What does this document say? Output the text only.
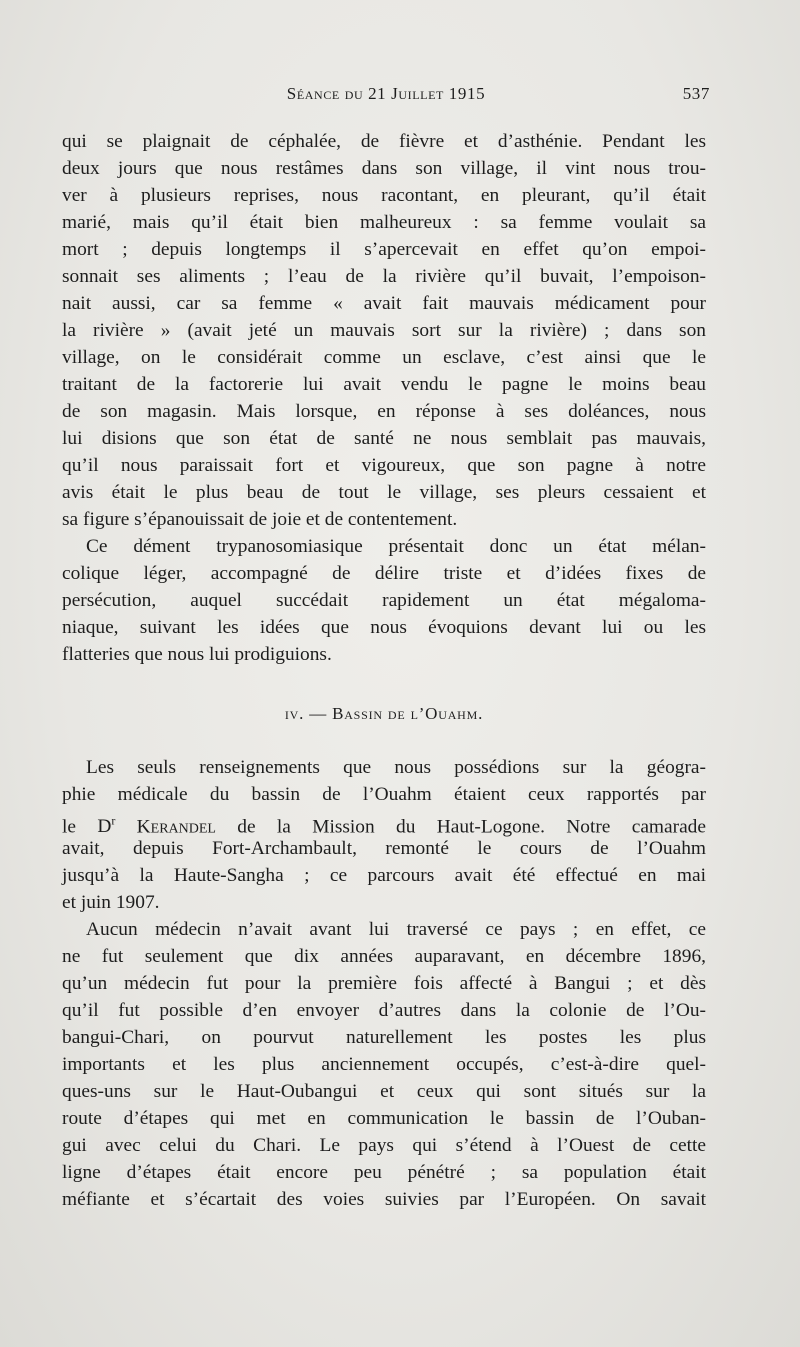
Séance du 21 Juillet 1915	537
qui se plaignait de céphalée, de fièvre et d’asthénie. Pendant les
deux jours que nous restâmes dans son village, il vint nous trou-
ver à plusieurs reprises, nous racontant, en pleurant, qu’il était
marié, mais qu’il était bien malheureux : sa femme voulait sa
mort ; depuis longtemps il s’apercevait en effet qu’on empoi-
sonnait ses aliments ; l’eau de la rivière qu’il buvait, l’empoison-
nait aussi, car sa femme « avait fait mauvais médicament pour
la rivière » (avait jeté un mauvais sort sur la rivière) ; dans son
village, on le considérait comme un esclave, c’est ainsi que le
traitant de la factorerie lui avait vendu le pagne le moins beau
de son magasin. Mais lorsque, en réponse à ses doléances, nous
lui disions que son état de santé ne nous semblait pas mauvais,
qu’il nous paraissait fort et vigoureux, que son pagne à notre
avis était le plus beau de tout le village, ses pleurs cessaient et
sa figure s’épanouissait de joie et de contentement.
Ce dément trypanosomiasique présentait donc un état mélan-
colique léger, accompagné de délire triste et d’idées fixes de
persécution, auquel succédait rapidement un état mégaloma-
niaque, suivant les idées que nous évoquions devant lui ou les
flatteries que nous lui prodiguions.
iv. — Bassin de l’Ouahm.
Les seuls renseignements que nous possédions sur la géogra-
phie médicale du bassin de l’Ouahm étaient ceux rapportés par
le $D^r$ Kerandel de la Mission du Haut-Logone. Notre camarade
avait, depuis Fort-Archambault, remonté le cours de l’Ouahm
jusqu’à la Haute-Sangha ; ce parcours avait été effectué en mai
et juin 1907.
Aucun médecin n’avait avant lui traversé ce pays ; en effet, ce
ne fut seulement que dix années auparavant, en décembre 1896,
qu’un médecin fut pour la première fois affecté à Bangui ; et dès
qu’il fut possible d’en envoyer d’autres dans la colonie de l’Ou-
bangui-Chari, on pourvut naturellement les postes les plus
importants et les plus anciennement occupés, c’est-à-dire quel-
ques-uns sur le Haut-Oubangui et ceux qui sont situés sur la
route d’étapes qui met en communication le bassin de l’Ouban-
gui avec celui du Chari. Le pays qui s’étend à l’Ouest de cette
ligne d’étapes était encore peu pénétré ; sa population était
méfiante et s’écartait des voies suivies par l’Européen. On savait
